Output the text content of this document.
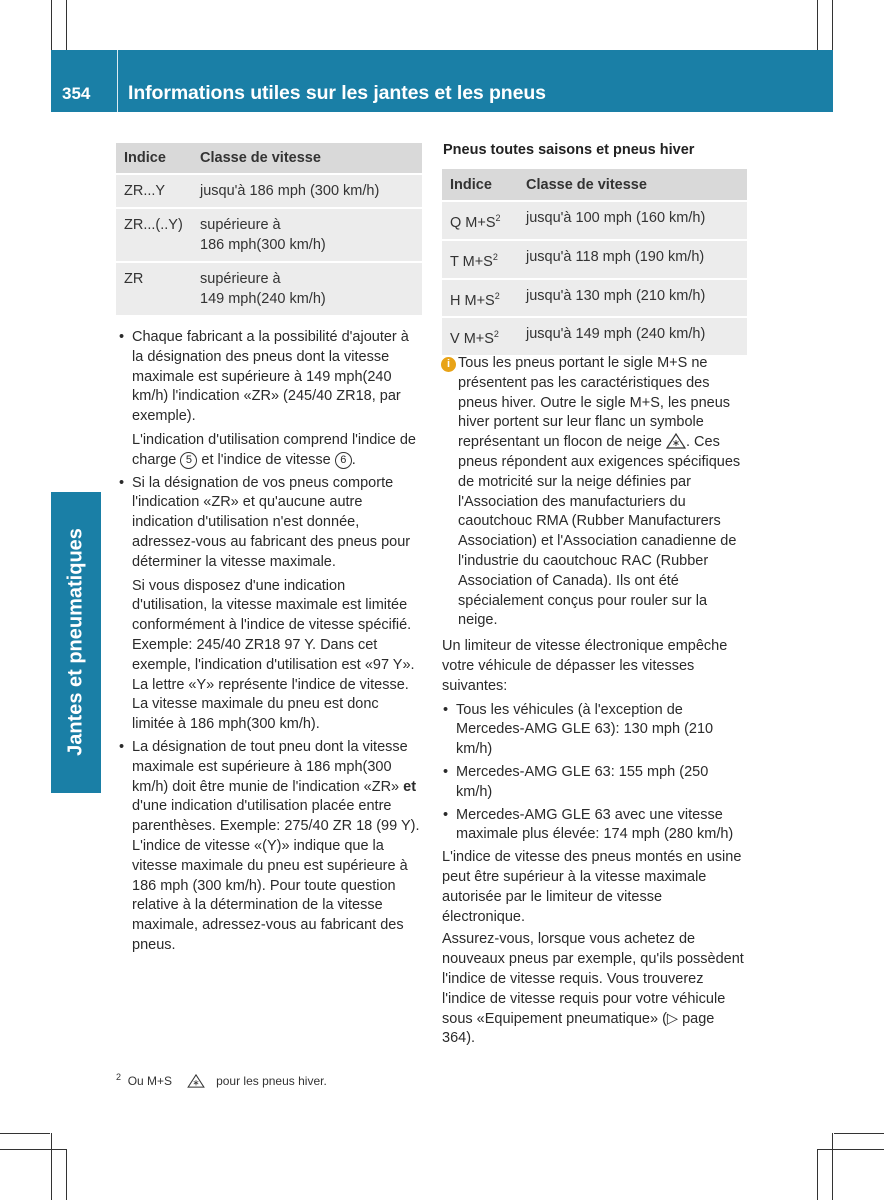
354 Informations utiles sur les jantes et les pneus
Jantes et pneumatiques
Indice	Classe de vitesse
ZR...Y	jusqu'à 186 mph (300 km/h)
ZR...(..Y)	supérieure à
186 mph(300 km/h)
ZR	supérieure à
149 mph(240 km/h)

• Chaque fabricant a la possibilité d'ajouter à la désignation des pneus dont la vitesse maximale est supérieure à 149 mph(240 km/h) l'indication «ZR» (245/40 ZR18, par exemple).

L'indication d'utilisation comprend l'indice de charge 5 et l'indice de vitesse 6 .

• Si la désignation de vos pneus comporte l'indication «ZR» et qu'aucune autre indication d'utilisation n'est donnée, adressez-vous au fabricant des pneus pour déterminer la vitesse maximale.

Si vous disposez d'une indication d'utilisation, la vitesse maximale est limitée conformément à l'indice de vitesse spécifié. Exemple: 245/40 ZR18 97 Y. Dans cet exemple, l'indication d'utilisation est «97 Y». La lettre «Y» représente l'indice de vitesse. La vitesse maximale du pneu est donc limitée à 186 mph(300 km/h).

• La désignation de tout pneu dont la vitesse maximale est supérieure à 186 mph(300 km/h) doit être munie de l'indication «ZR» et d'une indication d'utilisation placée entre parenthèses. Exemple: 275/40 ZR 18 (99 Y). L'indice de vitesse «(Y)» indique que la vitesse maximale du pneu est supérieure à 186 mph (300 km/h). Pour toute question relative à la détermination de la vitesse maximale, adressez-vous au fabricant des pneus.

Pneus toutes saisons et pneus hiver
Indice	Classe de vitesse
Q $M+S^2$	jusqu'à 100 mph (160 km/h)
T $M+S^2$	jusqu'à 118 mph (190 km/h)
H $M+S^2$	jusqu'à 130 mph (210 km/h)
V $M+S^2$	jusqu'à 149 mph (240 km/h)

i Tous les pneus portant le sigle M+S ne présentent pas les caractéristiques des pneus hiver. Outre le sigle M+S, les pneus hiver portent sur leur flanc un symbole représentant un flocon de neige . Ces pneus répondent aux exigences spécifiques de motricité sur la neige définies par l'Association des manufacturiers du caoutchouc RMA (Rubber Manufacturers Association) et l'Association canadienne de l'industrie du caoutchouc RAC (Rubber Association of Canada). Ils ont été spécialement conçus pour rouler sur la neige.

Un limiteur de vitesse électronique empêche votre véhicule de dépasser les vitesses suivantes:

• Tous les véhicules (à l'exception de Mercedes-AMG GLE 63): 130 mph (210 km/h)

• Mercedes-AMG GLE 63: 155 mph (250 km/h)

• Mercedes-AMG GLE 63 avec une vitesse maximale plus élevée: 174 mph (280 km/h)

L'indice de vitesse des pneus montés en usine peut être supérieur à la vitesse maximale autorisée par le limiteur de vitesse électronique.

Assurez-vous, lorsque vous achetez de nouveaux pneus par exemple, qu'ils possèdent l'indice de vitesse requis. Vous trouverez l'indice de vitesse requis pour votre véhicule sous «Equipement pneumatique» (▷ page 364).

$^2$ Ou M+S	pour les pneus hiver.
